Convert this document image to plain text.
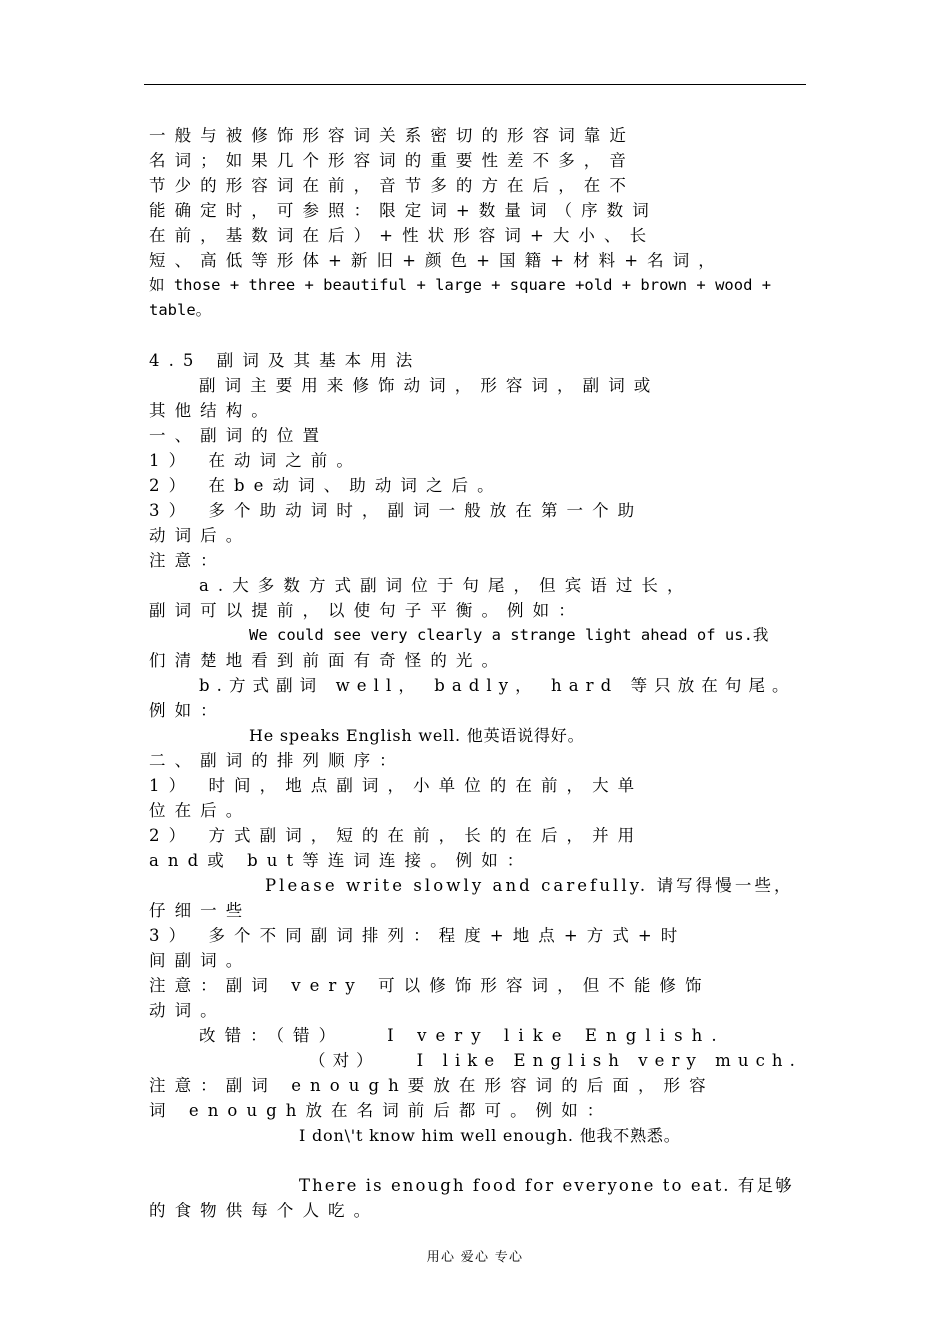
一般与被修饰形容词关系密切的形容词靠近
名词；如果几个形容词的重要性差不多，音
节少的形容词在前，音节多的方在后，在不
能确定时，可参照：限定词+数量词（序数词
在前，基数词在后）+性状形容词+大小、长
短、高低等形体+新旧+颜色+国籍+材料+名词，
如 those + three + beautiful + large + square +old + brown + wood +
table。
4.5 副词及其基本用法
副词主要用来修饰动词，形容词，副词或
其他结构。
一、副词的位置
1） 在动词之前。
2） 在be动词、助动词之后。
3） 多个助动词时，副词一般放在第一个助
动词后。
注意：
a.大多数方式副词位于句尾，但宾语过长，
副词可以提前，以使句子平衡。例如：
We could see very clearly a strange light ahead of us.我
们清楚地看到前面有奇怪的光。
b.方式副词 well， badly， hard 等只放在句尾。
例如：
He speaks English well. 他英语说得好。
二、副词的排列顺序：
1） 时间，地点副词，小单位的在前，大单
位在后。
2） 方式副词，短的在前，长的在后，并用
and或 but等连词连接。例如：
Please write slowly and carefully. 请写得慢一些，
仔细一些
3） 多个不同副词排列：程度+地点+方式+时
间副词。
注意：副词 very 可以修饰形容词，但不能修饰
动词。
改错：（错）   I very like English.
（对）   I like English very much.
注意：副词 enough要放在形容词的后面，形容
词 enough放在名词前后都可。例如：
I don\'t know him well enough. 他我不熟悉。
There is enough food for everyone to eat. 有足够
的食物供每个人吃。
用心 爱心 专心
